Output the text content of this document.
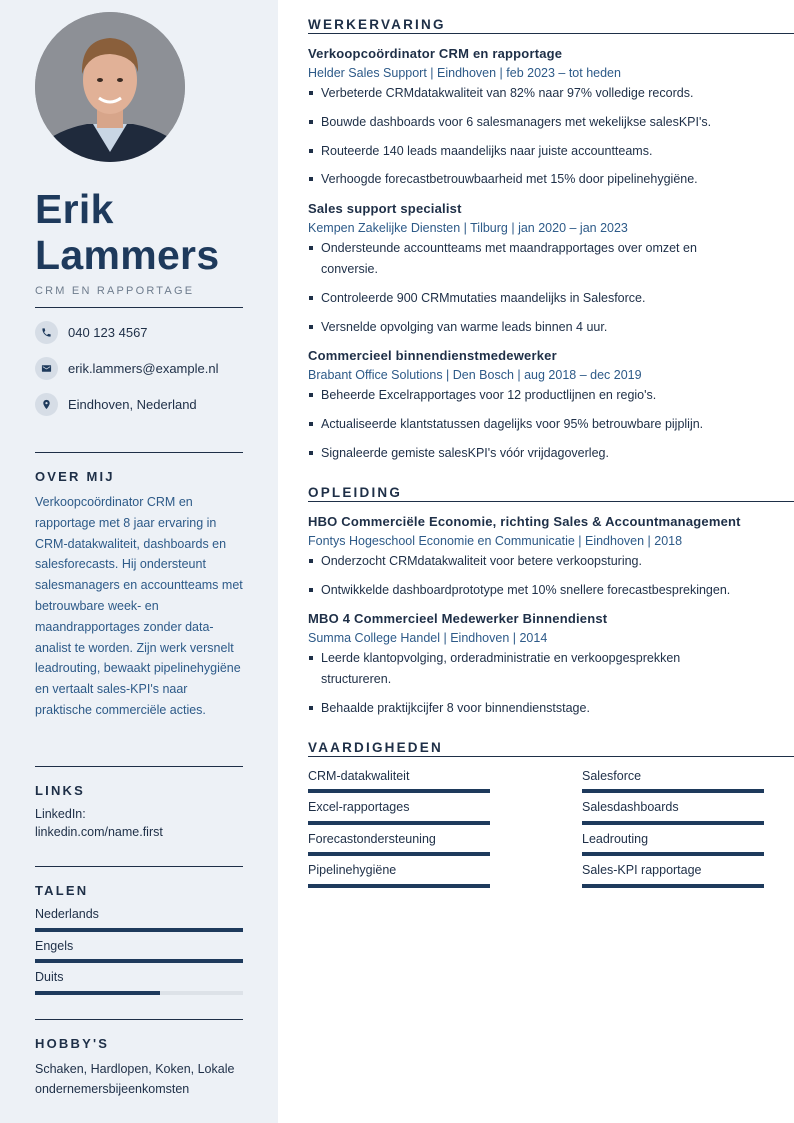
Erik
Lammers
CRM EN RAPPORTAGE
040 123 4567
erik.lammers@example.nl
Eindhoven, Nederland
OVER MIJ
Verkoopcoördinator CRM en rapportage met 8 jaar ervaring in CRM-datakwaliteit, dashboards en salesforecasts. Hij ondersteunt salesmanagers en accountteams met betrouwbare week- en maandrapportages zonder data-analist te worden. Zijn werk versnelt leadrouting, bewaakt pipelinehygiëne en vertaalt sales-KPI's naar praktische commerciële acties.
LINKS
LinkedIn:
linkedin.com/name.first
TALEN
Nederlands
Engels
Duits
HOBBY'S
Schaken, Hardlopen, Koken, Lokale ondernemersbijeenkomsten
WERKERVARING
Verkoopcoördinator CRM en rapportage
Helder Sales Support | Eindhoven | feb 2023 – tot heden
Verbeterde CRMdatakwaliteit van 82% naar 97% volledige records.
Bouwde dashboards voor 6 salesmanagers met wekelijkse salesKPI's.
Routeerde 140 leads maandelijks naar juiste accountteams.
Verhoogde forecastbetrouwbaarheid met 15% door pipelinehygiëne.
Sales support specialist
Kempen Zakelijke Diensten | Tilburg | jan 2020 – jan 2023
Ondersteunde accountteams met maandrapportages over omzet en conversie.
Controleerde 900 CRMmutaties maandelijks in Salesforce.
Versnelde opvolging van warme leads binnen 4 uur.
Commercieel binnendienstmedewerker
Brabant Office Solutions | Den Bosch | aug 2018 – dec 2019
Beheerde Excelrapportages voor 12 productlijnen en regio's.
Actualiseerde klantstatussen dagelijks voor 95% betrouwbare pijplijn.
Signaleerde gemiste salesKPI's vóór vrijdagoverleg.
OPLEIDING
HBO Commerciële Economie, richting Sales & Accountmanagement
Fontys Hogeschool Economie en Communicatie | Eindhoven | 2018
Onderzocht CRMdatakwaliteit voor betere verkoopsturing.
Ontwikkelde dashboardprototype met 10% snellere forecastbesprekingen.
MBO 4 Commercieel Medewerker Binnendienst
Summa College Handel | Eindhoven | 2014
Leerde klantopvolging, orderadministratie en verkoopgesprekken structureren.
Behaalde praktijkcijfer 8 voor binnendienststage.
VAARDIGHEDEN
CRM-datakwaliteit	Salesforce
Excel-rapportages	Salesdashboards
Forecastondersteuning	Leadrouting
Pipelinehygiëne	Sales-KPI rapportage
